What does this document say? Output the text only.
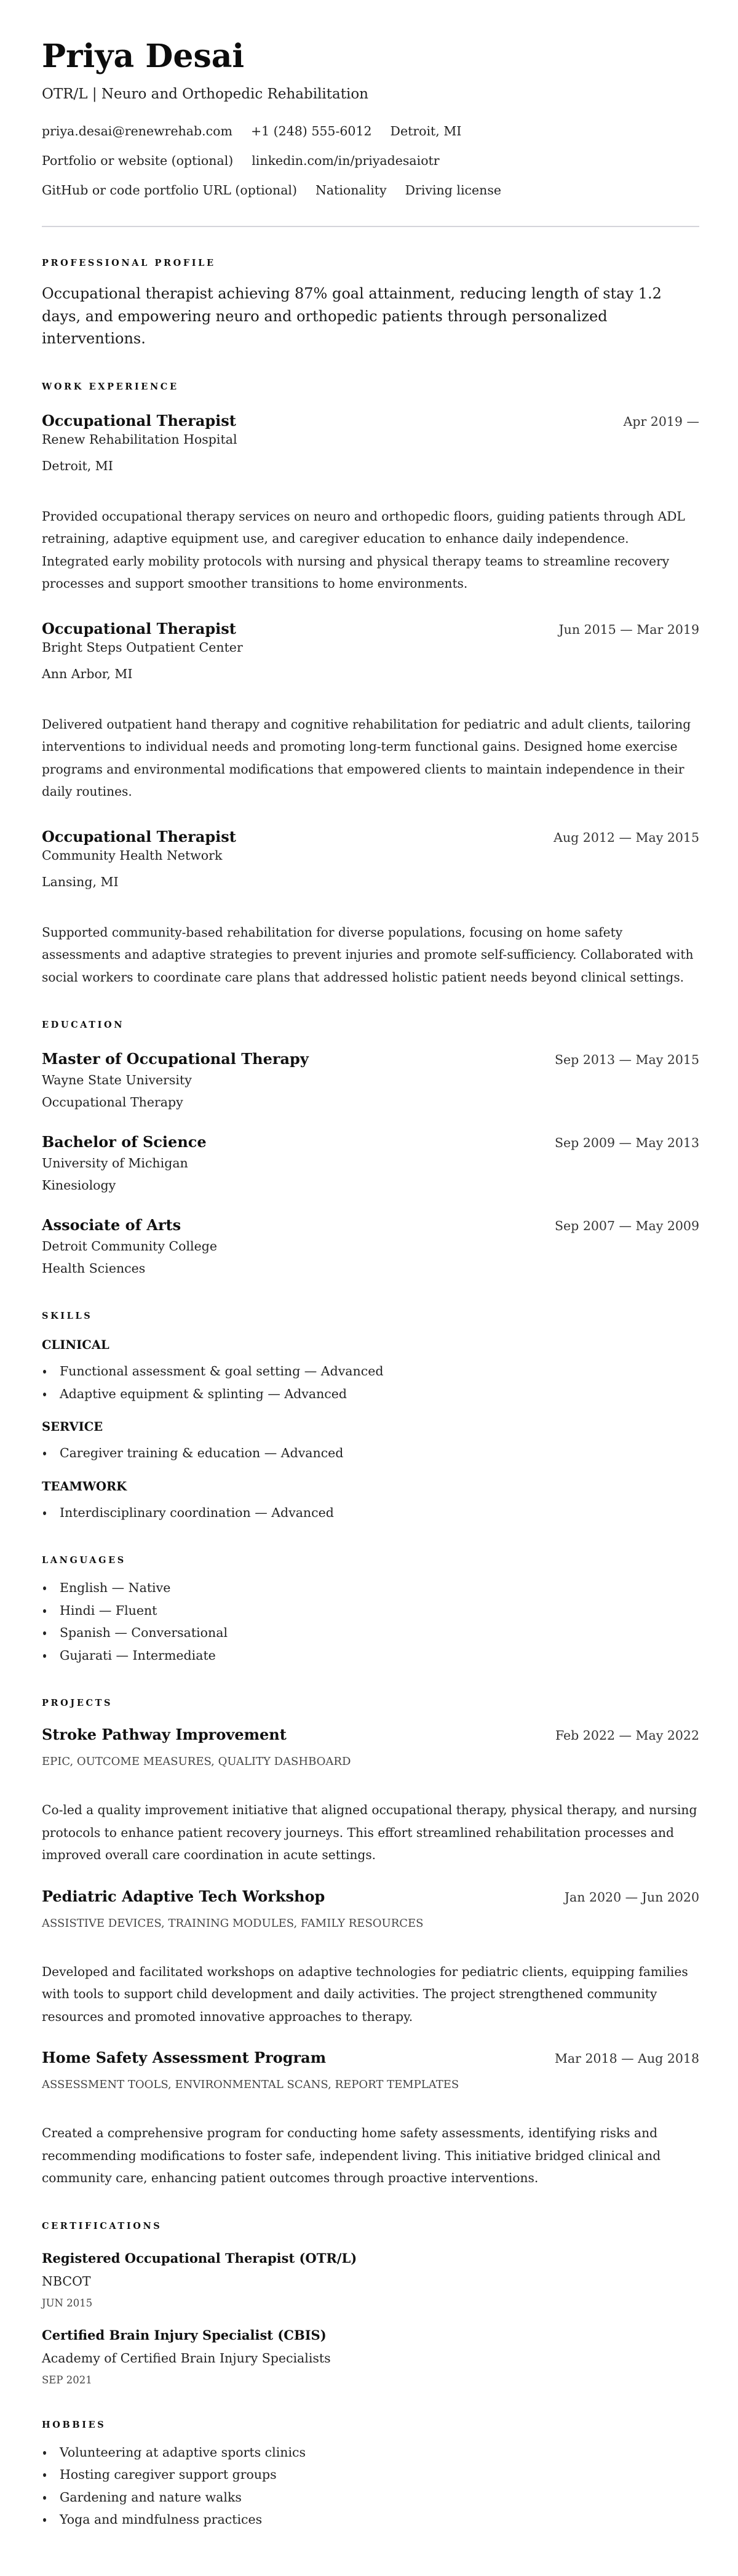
Priya Desai
OTR/L | Neuro and Orthopedic Rehabilitation
priya.desai@renewrehab.com +1 (248) 555-6012 Detroit, MI
Portfolio or website (optional) linkedin.com/in/priyadesaiotr
GitHub or code portfolio URL (optional) Nationality Driving license
PROFESSIONAL PROFILE

Occupational therapist achieving 87% goal attainment, reducing length of stay 1.2 days, and empowering neuro and orthopedic patients through personalized interventions.

WORK EXPERIENCE
Occupational Therapist	Apr 2019 —
Renew Rehabilitation Hospital
Detroit, MI
Provided occupational therapy services on neuro and orthopedic floors, guiding patients through ADL retraining, adaptive equipment use, and caregiver education to enhance daily independence. Integrated early mobility protocols with nursing and physical therapy teams to streamline recovery processes and support smoother transitions to home environments.
Occupational Therapist	Jun 2015 — Mar 2019
Bright Steps Outpatient Center
Ann Arbor, MI
Delivered outpatient hand therapy and cognitive rehabilitation for pediatric and adult clients, tailoring interventions to individual needs and promoting long-term functional gains. Designed home exercise programs and environmental modifications that empowered clients to maintain independence in their daily routines.
Occupational Therapist	Aug 2012 — May 2015
Community Health Network
Lansing, MI
Supported community-based rehabilitation for diverse populations, focusing on home safety assessments and adaptive strategies to prevent injuries and promote self-sufficiency. Collaborated with social workers to coordinate care plans that addressed holistic patient needs beyond clinical settings.
EDUCATION
Master of Occupational Therapy	Sep 2013 — May 2015
Wayne State University
Occupational Therapy
Bachelor of Science	Sep 2009 — May 2013
University of Michigan
Kinesiology
Associate of Arts	Sep 2007 — May 2009
Detroit Community College
Health Sciences
SKILLS
CLINICAL
Functional assessment & goal setting — Advanced
Adaptive equipment & splinting — Advanced
SERVICE
Caregiver training & education — Advanced
TEAMWORK
Interdisciplinary coordination — Advanced
LANGUAGES
English — Native
Hindi — Fluent
Spanish — Conversational
Gujarati — Intermediate
PROJECTS
Stroke Pathway Improvement	Feb 2022 — May 2022
EPIC, OUTCOME MEASURES, QUALITY DASHBOARD
Co-led a quality improvement initiative that aligned occupational therapy, physical therapy, and nursing protocols to enhance patient recovery journeys. This effort streamlined rehabilitation processes and improved overall care coordination in acute settings.
Pediatric Adaptive Tech Workshop	Jan 2020 — Jun 2020
ASSISTIVE DEVICES, TRAINING MODULES, FAMILY RESOURCES
Developed and facilitated workshops on adaptive technologies for pediatric clients, equipping families with tools to support child development and daily activities. The project strengthened community resources and promoted innovative approaches to therapy.
Home Safety Assessment Program	Mar 2018 — Aug 2018
ASSESSMENT TOOLS, ENVIRONMENTAL SCANS, REPORT TEMPLATES
Created a comprehensive program for conducting home safety assessments, identifying risks and recommending modifications to foster safe, independent living. This initiative bridged clinical and community care, enhancing patient outcomes through proactive interventions.
CERTIFICATIONS
Registered Occupational Therapist (OTR/L)
NBCOT
JUN 2015
Certified Brain Injury Specialist (CBIS)
Academy of Certified Brain Injury Specialists
SEP 2021
HOBBIES
Volunteering at adaptive sports clinics
Hosting caregiver support groups
Gardening and nature walks
Yoga and mindfulness practices
